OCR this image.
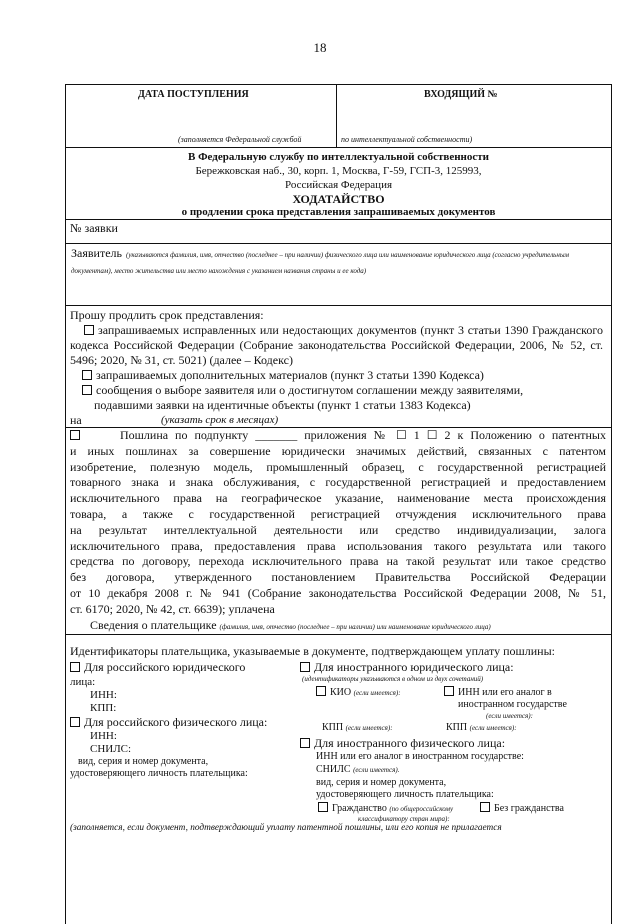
18
ДАТА ПОСТУПЛЕНИЯ	ВХОДЯЩИЙ №
(заполняется Федеральной службой	по интеллектуальной собственности)
В Федеральную службу по интеллектуальной собственности
Бережковская наб., 30, корп. 1, Москва, Г-59, ГСП-3, 125993,
Российская Федерация
ХОДАТАЙСТВО
о продлении срока представления запрашиваемых документов
№ заявки
Заявитель (указываются фамилия, имя, отчество (последнее – при наличии) физического лица или наименование юридического лица (согласно учредительным документам), место жительства или место нахождения с указанием названия страны и ее кода)
Прошу продлить срок представления:
запрашиваемых исправленных или недостающих документов (пункт 3 статьи 1390 Гражданского кодекса Российской Федерации (Собрание законодательства Российской Федерации, 2006, № 52, ст. 5496; 2020, № 31, ст. 5021) (далее – Кодекс)
запрашиваемых дополнительных материалов (пункт 3 статьи 1390 Кодекса)
сообщения о выборе заявителя или о достигнутом соглашении между заявителями,
подавшими заявки на идентичные объекты (пункт 1 статьи 1383 Кодекса)
на	(указать срок в месяцах)
Пошлина по подпункту _______ приложения № ☐ 1 ☐ 2 к Положению о патентных
и иных пошлинах за совершение юридически значимых действий, связанных с патентом
изобретение, полезную модель, промышленный образец, с государственной регистрацией
товарного знака и знака обслуживания, с государственной регистрацией и предоставлением
исключительного права на географическое указание, наименование места происхождения
товара, а также с государственной регистрацией отчуждения исключительного права
на результат интеллектуальной деятельности или средство индивидуализации, залога
исключительного права, предоставления права использования такого результата или такого
средства по договору, перехода исключительного права на такой результат или такое средство
без договора, утвержденного постановлением Правительства Российской Федерации
от 10 декабря 2008 г. № 941 (Собрание законодательства Российской Федерации 2008, № 51,
ст. 6170; 2020, № 42, ст. 6639); уплачена
Сведения о плательщике (фамилия, имя, отчество (последнее – при наличии) или наименование юридического лица)
Идентификаторы плательщика, указываемые в документе, подтверждающем уплату пошлины:
Для российского юридического
лица:
ИНН:
КПП:
Для российского физического лица:
ИНН:
СНИЛС:
вид, серия и номер документа,
удостоверяющего личность плательщика:
Для иностранного юридического лица:
(идентификаторы указываются в одном из двух сочетаний)
КИО (если имеется):	ИНН или его аналог в
иностранном государстве
(если имеется):
КПП (если имеется):	КПП (если имеется):
Для иностранного физического лица:
ИНН или его аналог в иностранном государстве:
СНИЛС (если имеется).
вид, серия и номер документа,
удостоверяющего личность плательщика:
Гражданство (по общероссийскому	Без гражданства
классификатору стран мира):
(заполняется, если документ, подтверждающий уплату патентной пошлины, или его копия не прилагается
